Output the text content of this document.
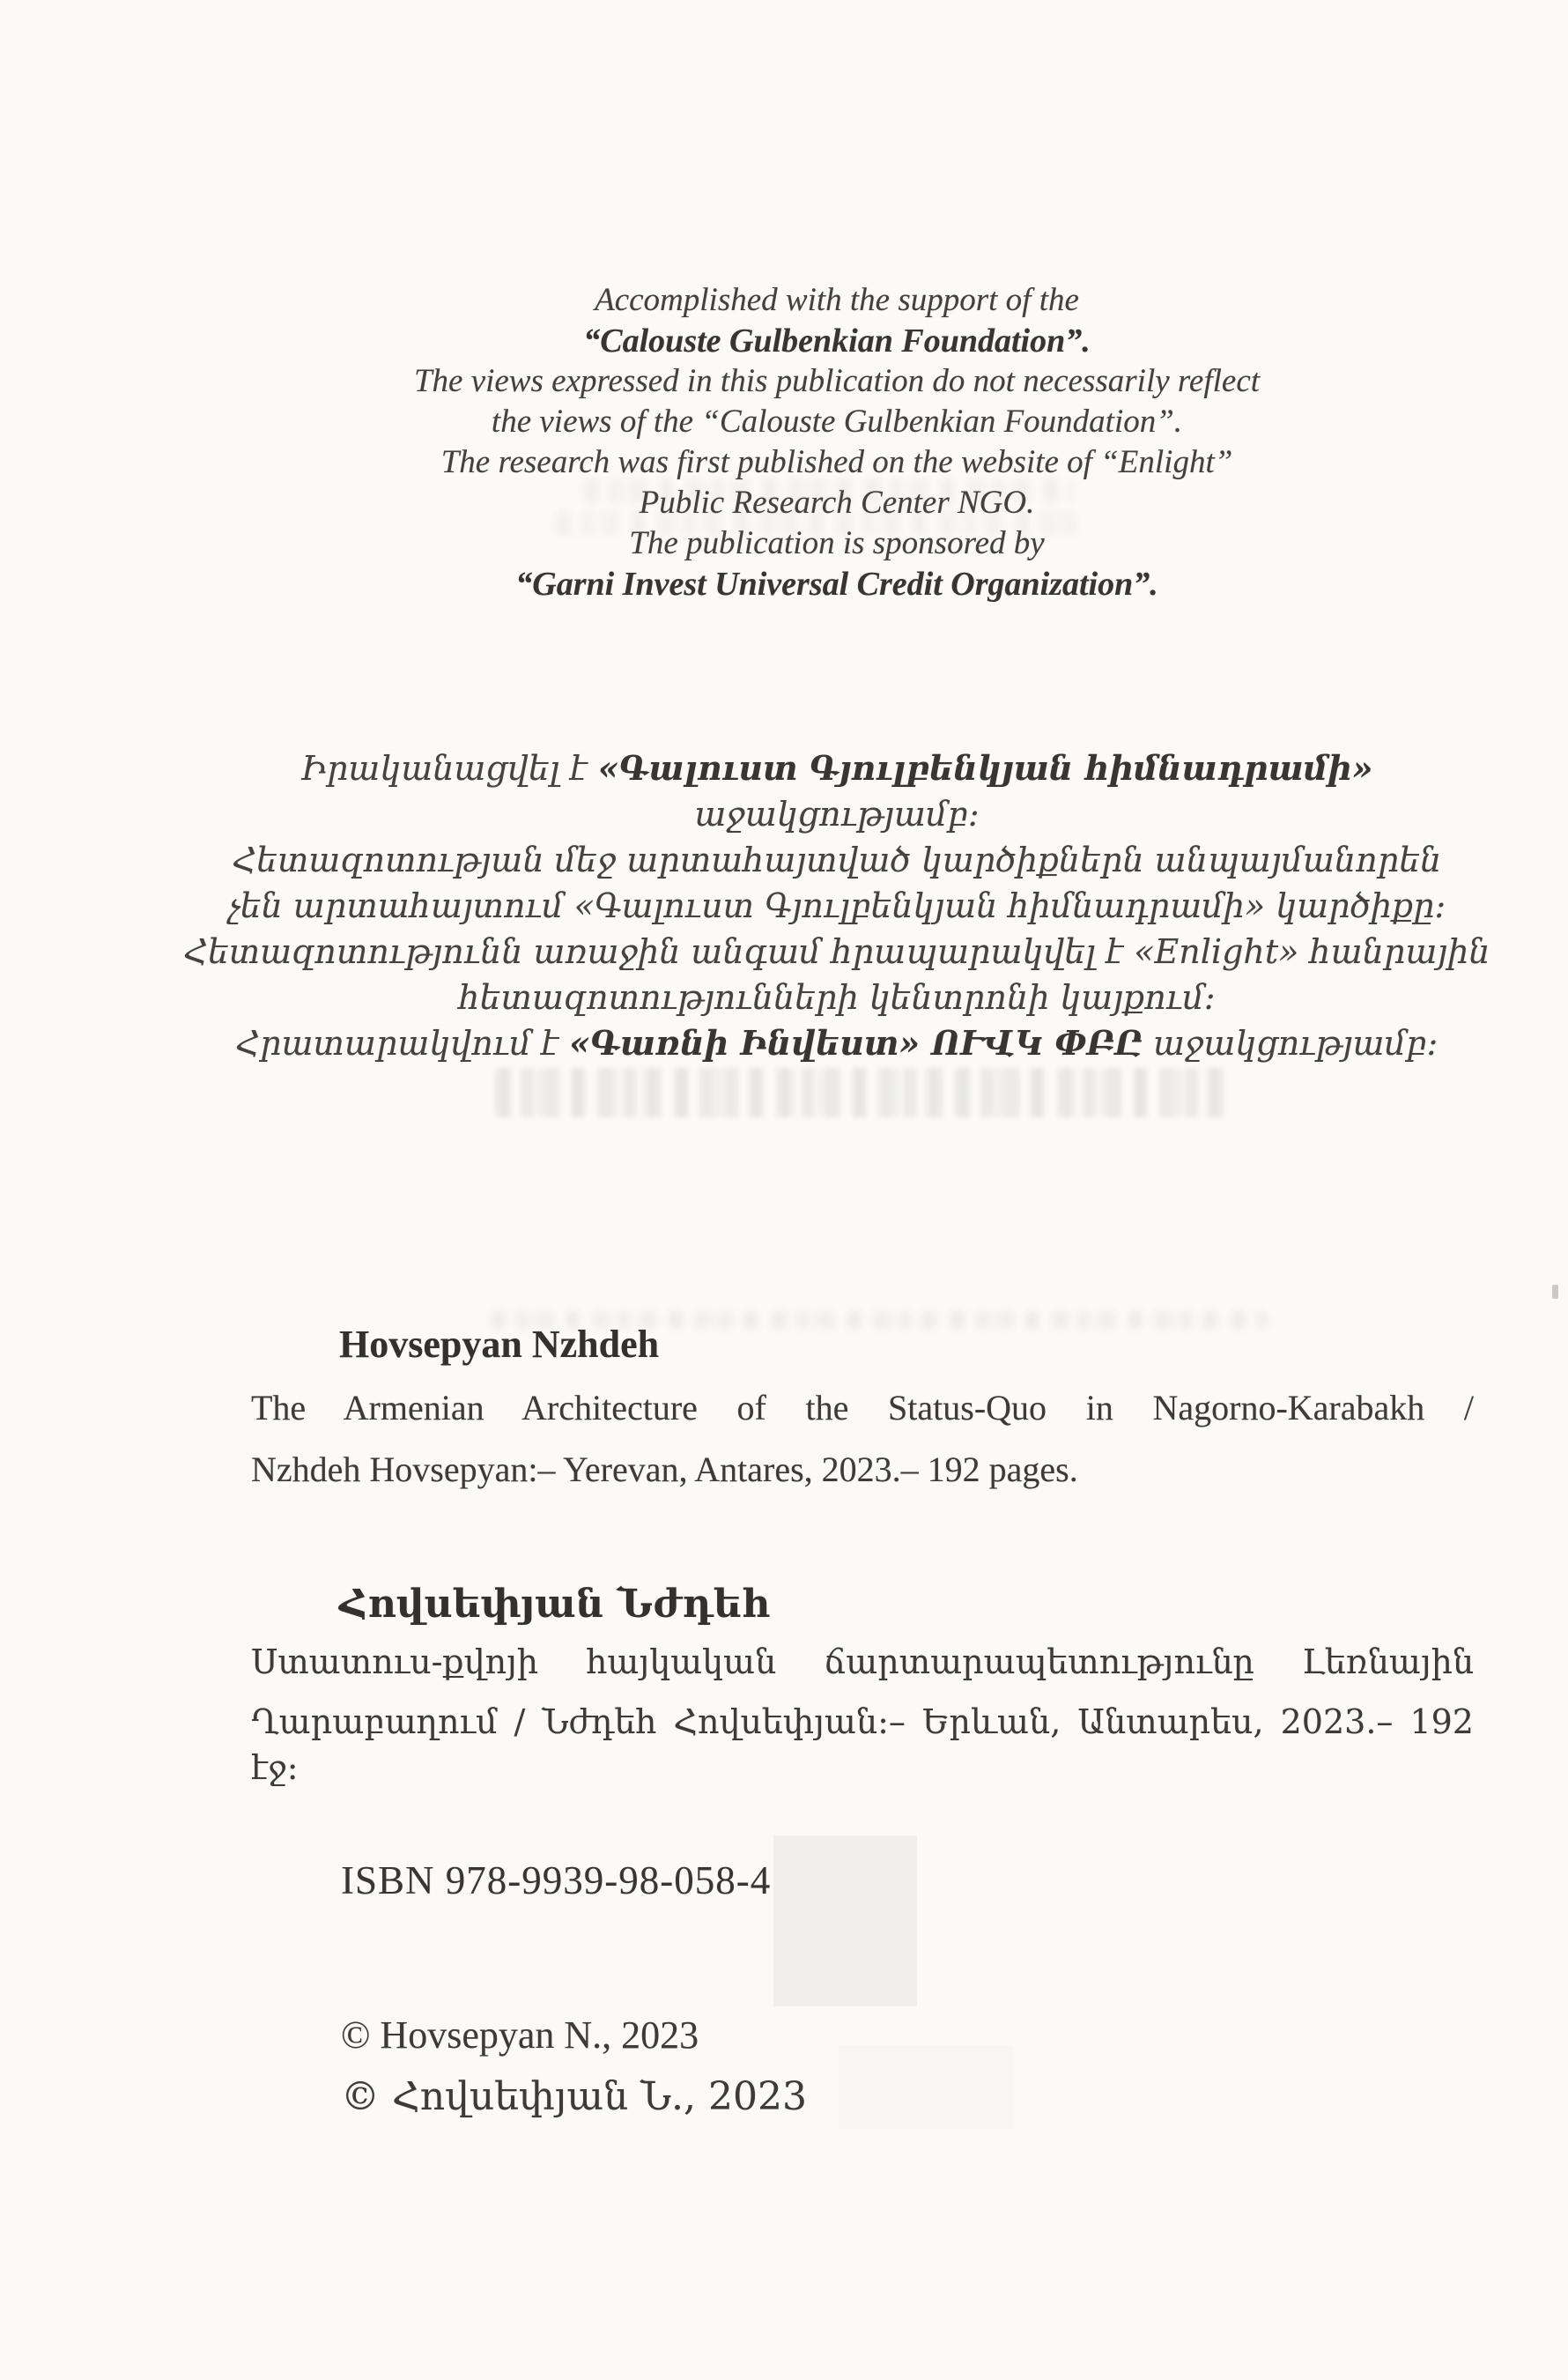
Accomplished with the support of the
“Calouste Gulbenkian Foundation”.
The views expressed in this publication do not necessarily reflect
the views of the “Calouste Gulbenkian Foundation”.
The research was first published on the website of “Enlight”
Public Research Center NGO.
The publication is sponsored by
“Garni Invest Universal Credit Organization”.
Իրականացվել է «Գալուստ Գյուլբենկյան հիմնադրամի» աջակցությամբ:
Հետազոտության մեջ արտահայտված կարծիքներն անպայմանորեն
չեն արտահայտում «Գալուստ Գյուլբենկյան հիմնադրամի» կարծիքը:
Հետազոտությունն առաջին անգամ հրապարակվել է «Enlight» հանրային
հետազոտությունների կենտրոնի կայքում:
Հրատարակվում է «Գառնի Ինվեստ» ՈՒՎԿ ՓԲԸ աջակցությամբ:
Hovsepyan Nzhdeh
The Armenian Architecture of the Status-Quo in Nagorno-Karabakh /
Nzhdeh Hovsepyan:– Yerevan, Antares, 2023.– 192 pages.
Հովսեփյան Նժդեհ
Ստատուս-քվոյի հայկական ճարտարապետությունը Լեռնային
Ղարաբաղում / Նժդեհ Հովսեփյան:– Երևան, Անտարես, 2023.– 192 էջ:
ISBN 978-9939-98-058-4
© Hovsepyan N., 2023
© Հովսեփյան Ն., 2023
